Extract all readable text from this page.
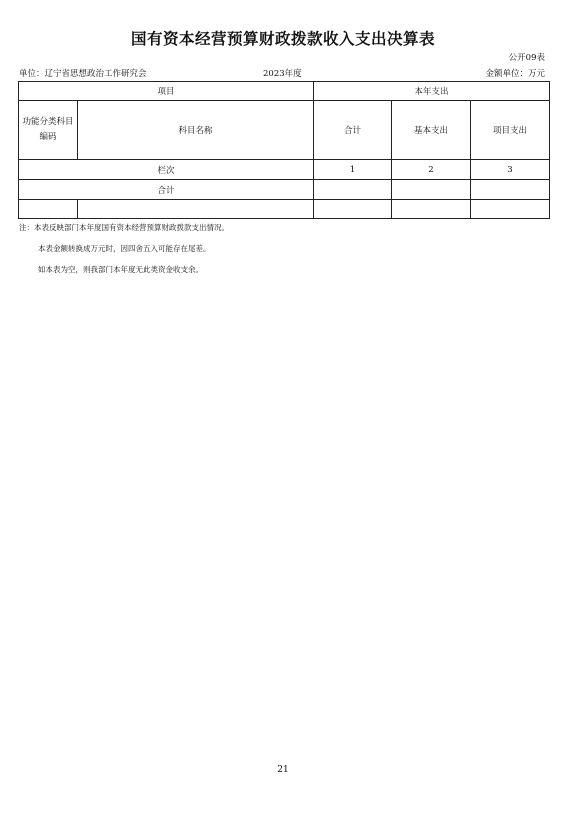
国有资本经营预算财政拨款收入支出决算表
公开09表
单位：辽宁省思想政治工作研究会	2023年度	金额单位：万元
项目		本年支出		
功能分类科目编码	科目名称	合计	基本支出	项目支出
栏次		1	2	3
合计				

注：本表反映部门本年度国有资本经营预算财政拨款支出情况。
本表金额转换成万元时，因四舍五入可能存在尾差。
如本表为空，则我部门本年度无此类资金收支余。
21
